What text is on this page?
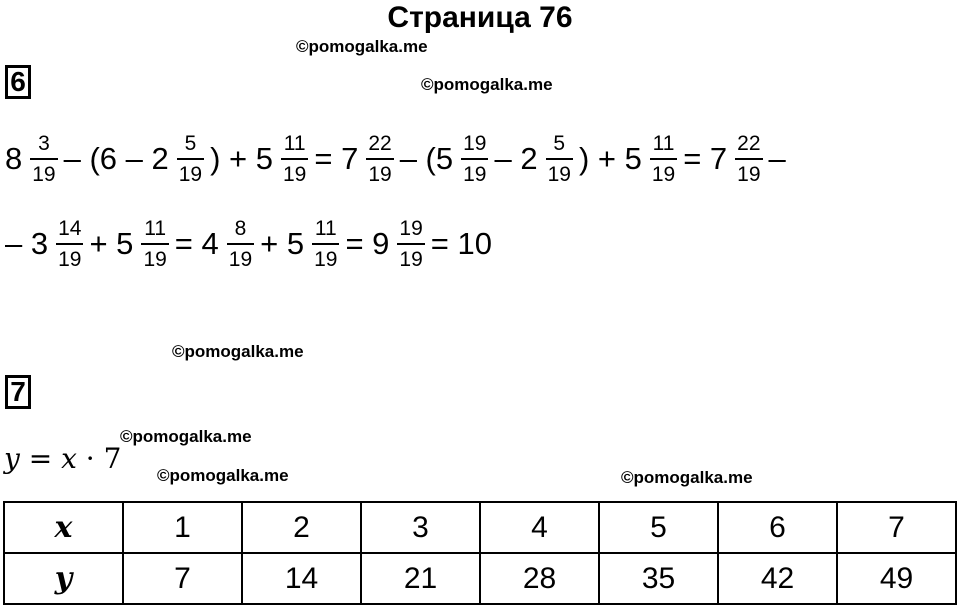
Страница 76
©pomogalka.me
©pomogalka.me
©pomogalka.me
©pomogalka.me
©pomogalka.me	©pomogalka.me
6
$8 \frac{3}{19} - (6 - 2 \frac{5}{19}$ ) + $5 \frac{11}{19} = 7 \frac{22}{19} - (5 \frac{19}{19} - 2 \frac{5}{19}$ ) + $5 \frac{11}{19} = 7 \frac{22}{19}$ –
– $3 \frac{14}{19} + 5 \frac{11}{19} = 4 \frac{8}{19} + 5 \frac{11}{19} = 9 \frac{19}{19} = 10$
7
y = x · 7
x	1	2	3	4	5	6	7
y	7	14	21	28	35	42	49
